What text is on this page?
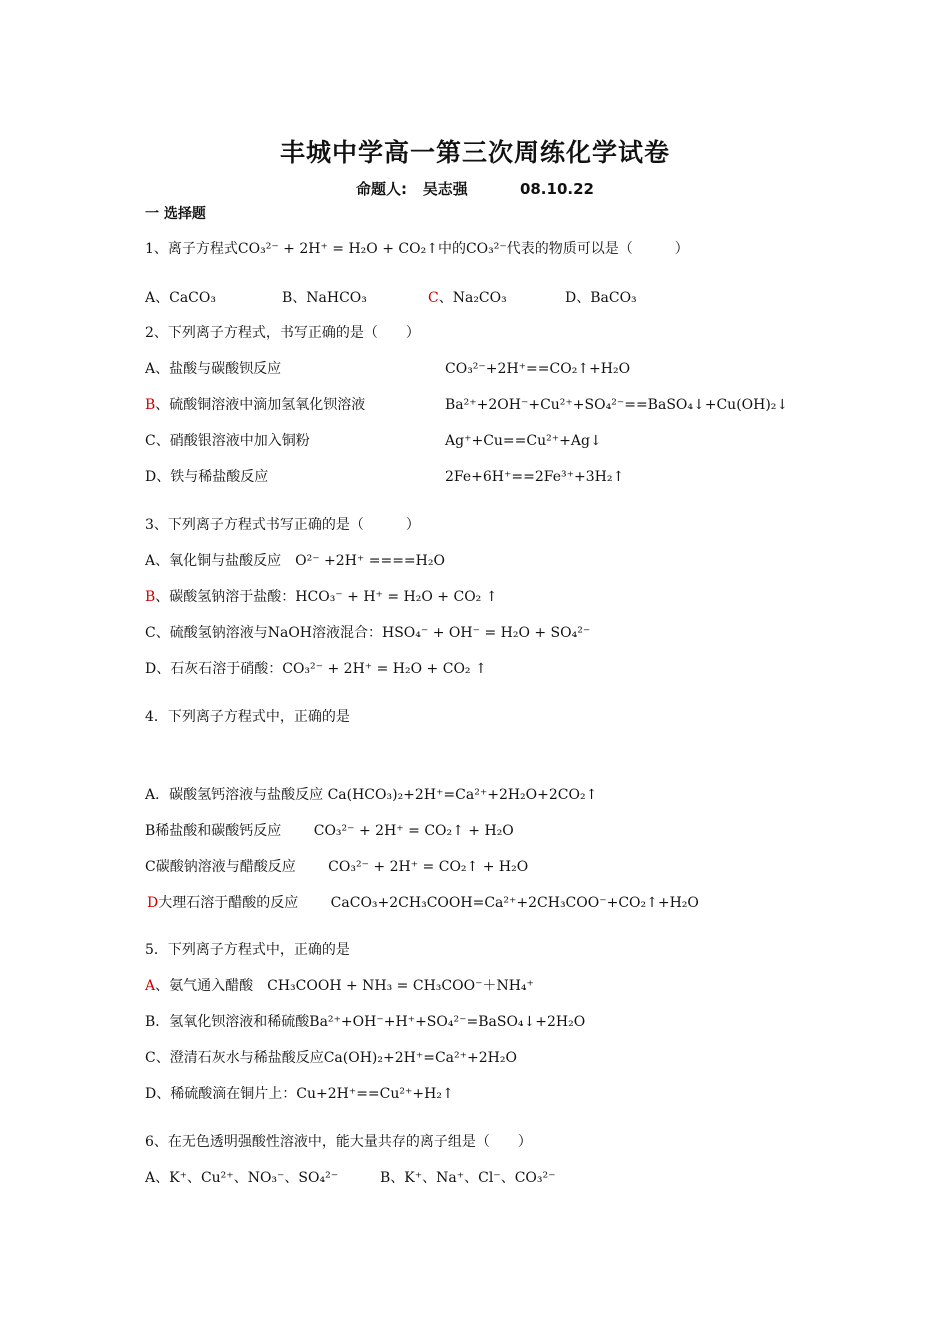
丰城中学高一第三次周练化学试卷
命题人: 吴志强	08.10.22
一 选择题
1、离子方程式CO₃²⁻ + 2H⁺ = H₂O + CO₂↑中的CO₃²⁻代表的物质可以是（　　　）
A、CaCO₃	B、NaHCO₃	C、Na₂CO₃	D、BaCO₃
2、下列离子方程式，书写正确的是（　　）
A、盐酸与碳酸钡反应	CO₃²⁻+2H⁺==CO₂↑+H₂O
B、硫酸铜溶液中滴加氢氧化钡溶液	Ba²⁺+2OH⁻+Cu²⁺+SO₄²⁻==BaSO₄↓+Cu(OH)₂↓
C、硝酸银溶液中加入铜粉	Ag⁺+Cu==Cu²⁺+Ag↓
D、铁与稀盐酸反应	2Fe+6H⁺==2Fe³⁺+3H₂↑
3、下列离子方程式书写正确的是（　　　）
A、氧化铜与盐酸反应　O²⁻ +2H⁺ ====H₂O
B、碳酸氢钠溶于盐酸：HCO₃⁻ + H⁺ = H₂O + CO₂ ↑
C、硫酸氢钠溶液与NaOH溶液混合：HSO₄⁻ + OH⁻ = H₂O + SO₄²⁻
D、石灰石溶于硝酸：CO₃²⁻ + 2H⁺ = H₂O + CO₂ ↑
4．下列离子方程式中，正确的是
A．碳酸氢钙溶液与盐酸反应 Ca(HCO₃)₂+2H⁺=Ca²⁺+2H₂O+2CO₂↑
B稀盐酸和碳酸钙反应　　 CO₃²⁻ + 2H⁺ = CO₂↑ + H₂O
C碳酸钠溶液与醋酸反应　　 CO₃²⁻ + 2H⁺ = CO₂↑ + H₂O
D大理石溶于醋酸的反应　　 CaCO₃+2CH₃COOH=Ca²⁺+2CH₃COO⁻+CO₂↑+H₂O
5．下列离子方程式中，正确的是
A、氨气通入醋酸　CH₃COOH + NH₃ = CH₃COO⁻＋NH₄⁺
B．氢氧化钡溶液和稀硫酸Ba²⁺+OH⁻+H⁺+SO₄²⁻=BaSO₄↓+2H₂O
C、澄清石灰水与稀盐酸反应Ca(OH)₂+2H⁺=Ca²⁺+2H₂O
D、稀硫酸滴在铜片上：Cu+2H⁺==Cu²⁺+H₂↑
6、在无色透明强酸性溶液中，能大量共存的离子组是（　　）
A、K⁺、Cu²⁺、NO₃⁻、SO₄²⁻	B、K⁺、Na⁺、Cl⁻、CO₃²⁻
